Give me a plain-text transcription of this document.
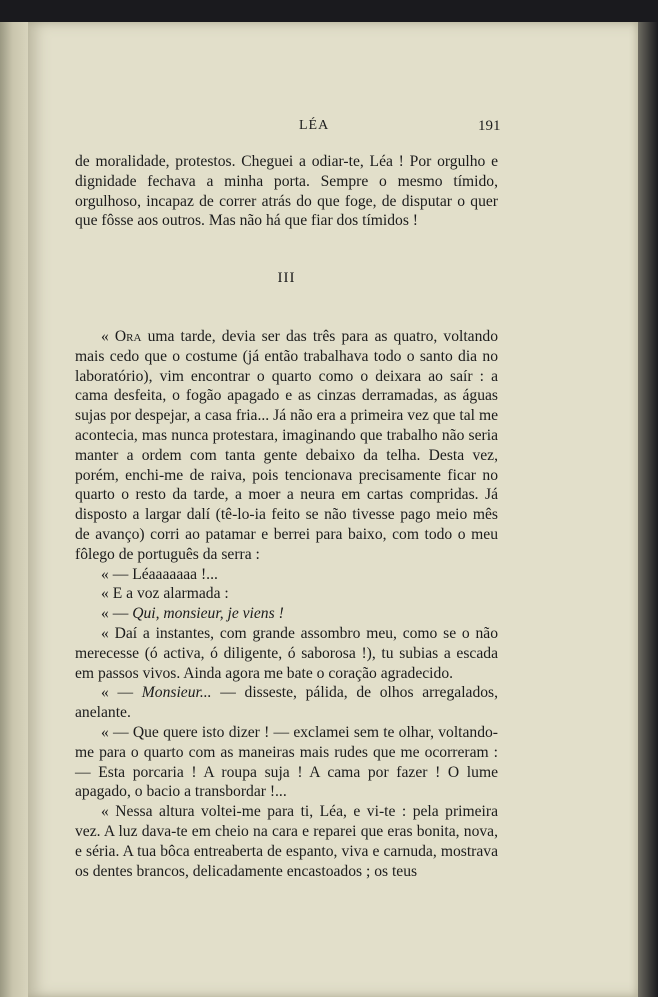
LÉA	191

de moralidade, protestos. Cheguei a odiar-te, Léa ! Por orgulho e dignidade fechava a minha porta. Sempre o mesmo tímido, orgulhoso, incapaz de correr atrás do que foge, de disputar o quer que fôsse aos outros. Mas não há que fiar dos tímidos !

III

« Ora uma tarde, devia ser das três para as quatro, voltando mais cedo que o costume (já então trabalhava todo o santo dia no laboratório), vim encontrar o quarto como o deixara ao saír : a cama desfeita, o fogão apagado e as cinzas derramadas, as águas sujas por despejar, a casa fria... Já não era a primeira vez que tal me acontecia, mas nunca protestara, imaginando que trabalho não seria manter a ordem com tanta gente debaixo da telha. Desta vez, porém, enchi-me de raiva, pois tencionava precisamente ficar no quarto o resto da tarde, a moer a neura em cartas compridas. Já disposto a largar dalí (tê-lo-ia feito se não tivesse pago meio mês de avanço) corri ao patamar e berrei para baixo, com todo o meu fôlego de português da serra :

« — Léaaaaaaa !...

« E a voz alarmada :

« — Qui, monsieur, je viens !

« Daí a instantes, com grande assombro meu, como se o não merecesse (ó activa, ó diligente, ó saborosa !), tu subias a escada em passos vivos. Ainda agora me bate o coração agradecido.

« — Monsieur... — disseste, pálida, de olhos arregalados, anelante.

« — Que quere isto dizer ! — exclamei sem te olhar, voltando-me para o quarto com as maneiras mais rudes que me ocorreram : — Esta porcaria ! A roupa suja ! A cama por fazer ! O lume apagado, o bacio a transbordar !...

« Nessa altura voltei-me para ti, Léa, e vi-te : pela primeira vez. A luz dava-te em cheio na cara e reparei que eras bonita, nova, e séria. A tua bôca entreaberta de espanto, viva e carnuda, mostrava os dentes brancos, delicadamente encastoados ; os teus
